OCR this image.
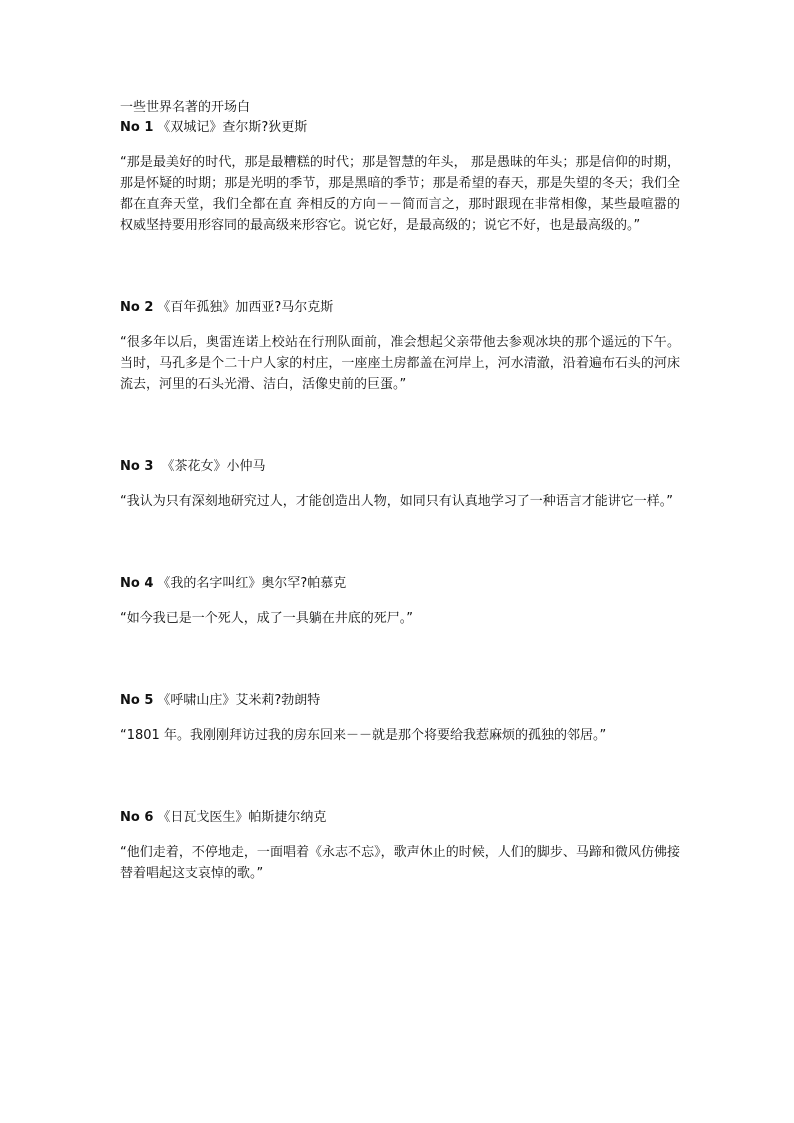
一些世界名著的开场白

No 1 《双城记》查尔斯?狄更斯

“那是最美好的时代，那是最糟糕的时代；那是智慧的年头， 那是愚昧的年头；那是信仰的时期，那是怀疑的时期；那是光明的季节，那是黑暗的季节；那是希望的春天，那是失望的冬天；我们全都在直奔天堂，我们全都在直 奔相反的方向－－简而言之，那时跟现在非常相像，某些最喧嚣的权威坚持要用形容同的最高级来形容它。说它好，是最高级的；说它不好，也是最高级的。”

No 2 《百年孤独》加西亚?马尔克斯

“很多年以后，奥雷连诺上校站在行刑队面前，准会想起父亲带他去参观冰块的那个遥远的下午。当时，马孔多是个二十户人家的村庄，一座座土房都盖在河岸上，河水清澈，沿着遍布石头的河床流去，河里的石头光滑、洁白，活像史前的巨蛋。”

No 3 《茶花女》小仲马

“我认为只有深刻地研究过人，才能创造出人物，如同只有认真地学习了一种语言才能讲它一样。”

No 4 《我的名字叫红》奥尔罕?帕慕克

“如今我已是一个死人，成了一具躺在井底的死尸。”

No 5 《呼啸山庄》艾米莉?勃朗特

“1801 年。我刚刚拜访过我的房东回来－－就是那个将要给我惹麻烦的孤独的邻居。”

No 6 《日瓦戈医生》帕斯捷尔纳克

“他们走着，不停地走，一面唱着《永志不忘》，歌声休止的时候，人们的脚步、马蹄和微风仿佛接替着唱起这支哀悼的歌。”
